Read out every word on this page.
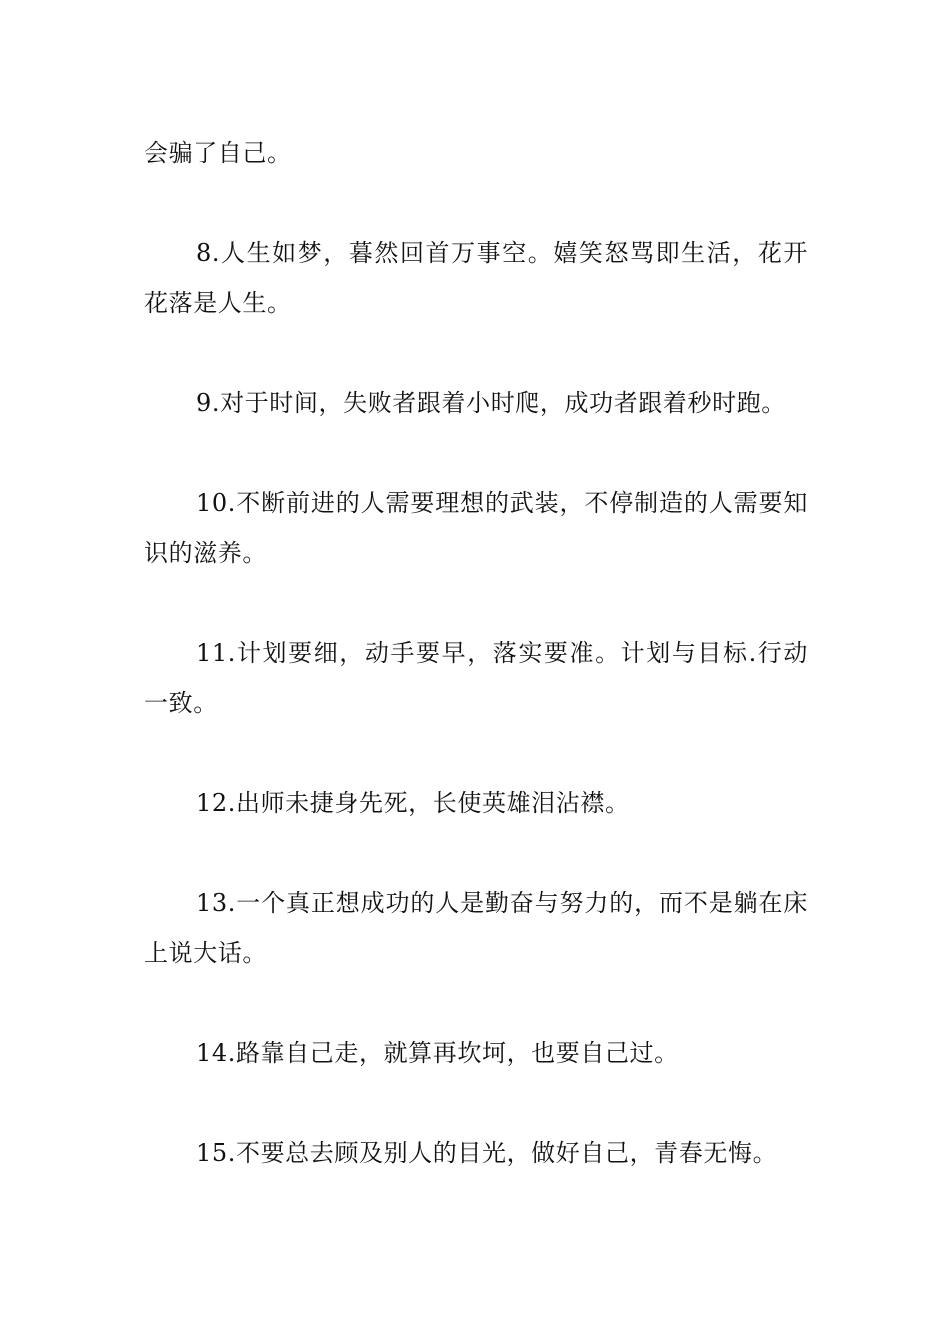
会骗了自己。

8.人生如梦，暮然回首万事空。嬉笑怒骂即生活，花开花落是人生。

9.对于时间，失败者跟着小时爬，成功者跟着秒时跑。

10.不断前进的人需要理想的武装，不停制造的人需要知识的滋养。

11.计划要细，动手要早，落实要准。计划与目标.行动一致。

12.出师未捷身先死，长使英雄泪沾襟。

13.一个真正想成功的人是勤奋与努力的，而不是躺在床上说大话。

14.路靠自己走，就算再坎坷，也要自己过。

15.不要总去顾及别人的目光，做好自己，青春无悔。
